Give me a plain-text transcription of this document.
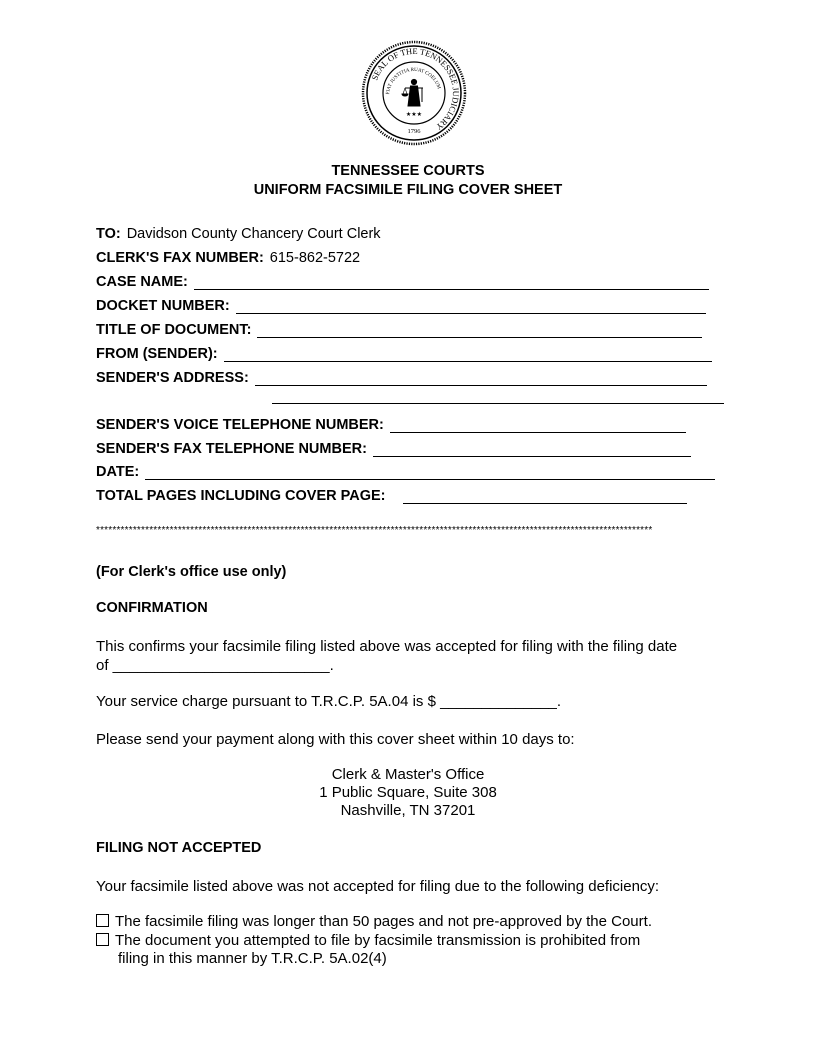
SEAL OF THE TENNESSEE JUDICIARY
FIAT JUSTITIA RUAT COELUM
★★★
1796
TENNESSEE COURTS
UNIFORM FACSIMILE FILING COVER SHEET
TO: Davidson County Chancery Court Clerk
CLERK'S FAX NUMBER: 615-862-5722
CASE NAME:
DOCKET NUMBER:
TITLE OF DOCUMENT:
FROM (SENDER):
SENDER'S ADDRESS:
SENDER'S VOICE TELEPHONE NUMBER:
SENDER'S FAX TELEPHONE NUMBER:
DATE:
TOTAL PAGES INCLUDING COVER PAGE:
****************************************************************************************************************************************
(For Clerk's office use only)
CONFIRMATION
This confirms your facsimile filing listed above was accepted for filing with the filing date
of __________________________.
Your service charge pursuant to T.R.C.P. 5A.04 is $ ______________.
Please send your payment along with this cover sheet within 10 days to:
Clerk & Master's Office
1 Public Square, Suite 308
Nashville, TN 37201
FILING NOT ACCEPTED
Your facsimile listed above was not accepted for filing due to the following deficiency:
The facsimile filing was longer than 50 pages and not pre-approved by the Court.
The document you attempted to file by facsimile transmission is prohibited from
filing in this manner by T.R.C.P. 5A.02(4)
